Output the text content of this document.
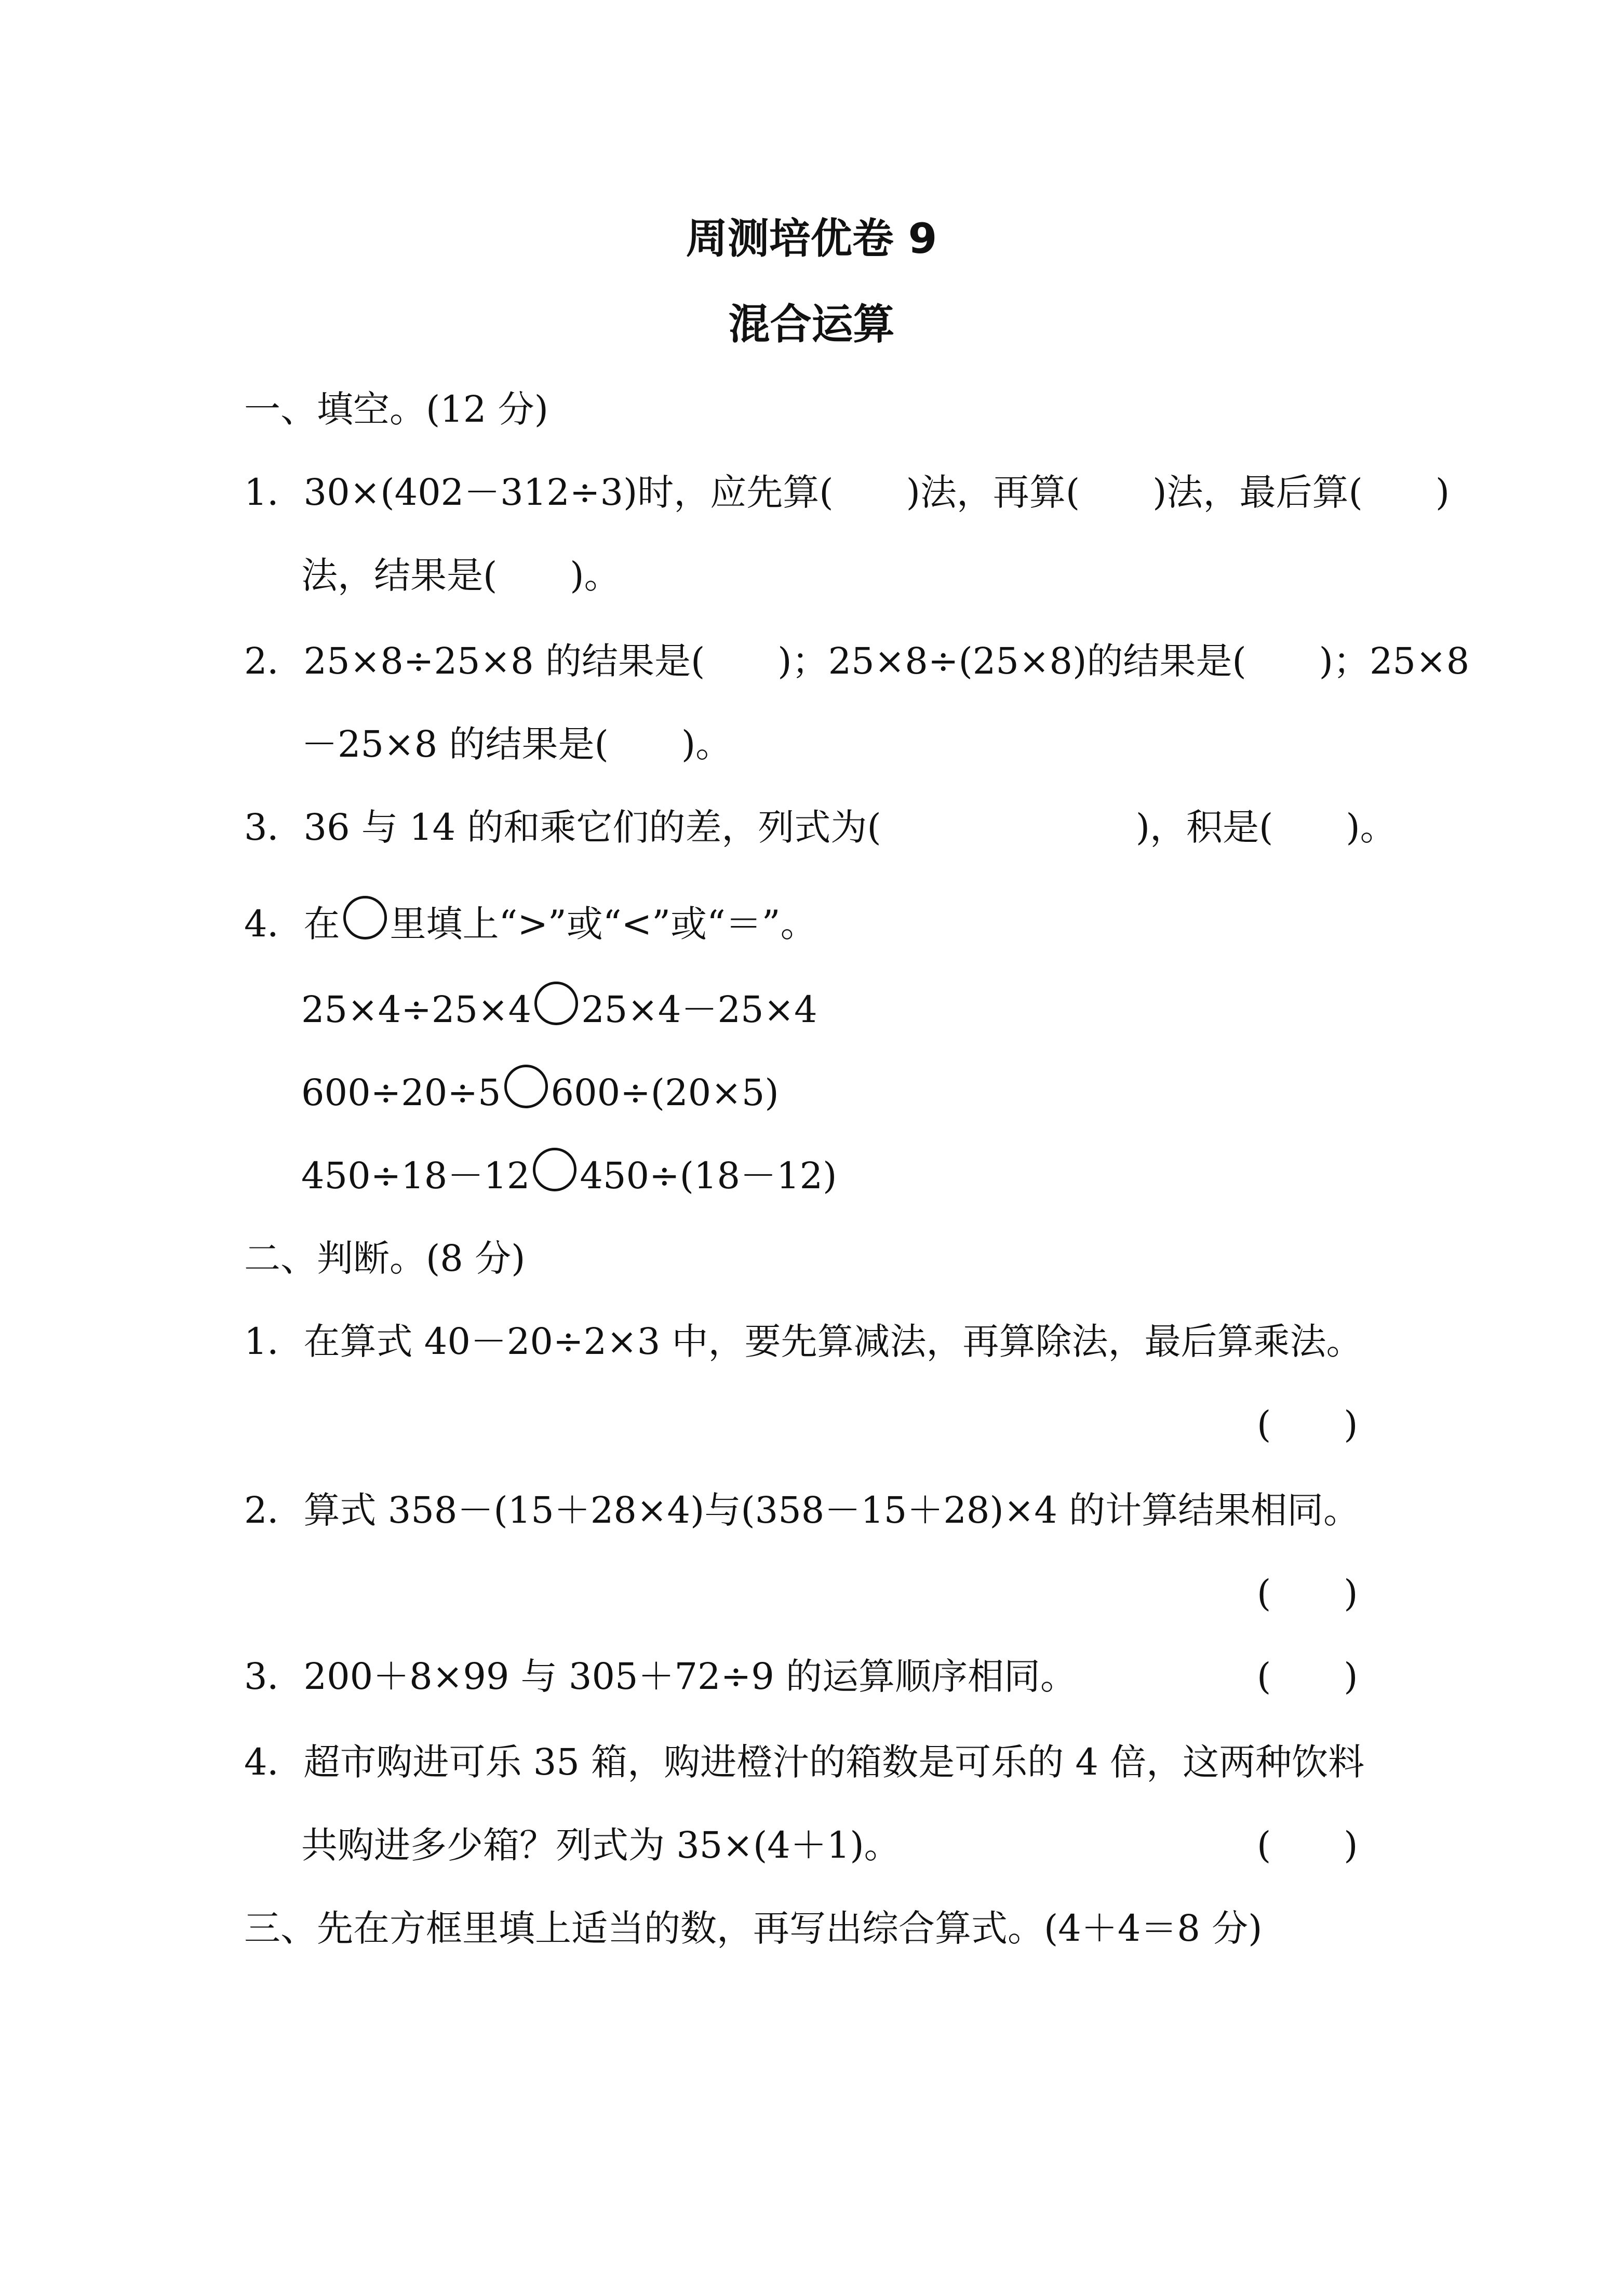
周测培优卷 9
混合运算
一、填空。(12 分)
1．30×(402－312÷3)时，应先算(　　)法，再算(　　)法，最后算(　　)
法，结果是(　　)。
2．25×8÷25×8 的结果是(　　)；25×8÷(25×8)的结果是(　　)；25×8
－25×8 的结果是(　　)。
3．36 与 14 的和乘它们的差，列式为(　　　　　　　)，积是(　　)。
4．在 里填上“>”或“<”或“＝”。
25×4÷25×4 25×4－25×4
600÷20÷5 600÷(20×5)
450÷18－12 450÷(18－12)
二、判断。(8 分)
1．在算式 40－20÷2×3 中，要先算减法，再算除法，最后算乘法。
(　　)
2．算式 358－(15＋28×4)与(358－15＋28)×4 的计算结果相同。
(　　)
3．200＋8×99 与 305＋72÷9 的运算顺序相同。	(　　)
4．超市购进可乐 35 箱，购进橙汁的箱数是可乐的 4 倍，这两种饮料
共购进多少箱？列式为 35×(4＋1)。	(　　)
三、先在方框里填上适当的数，再写出综合算式。(4＋4＝8 分)
